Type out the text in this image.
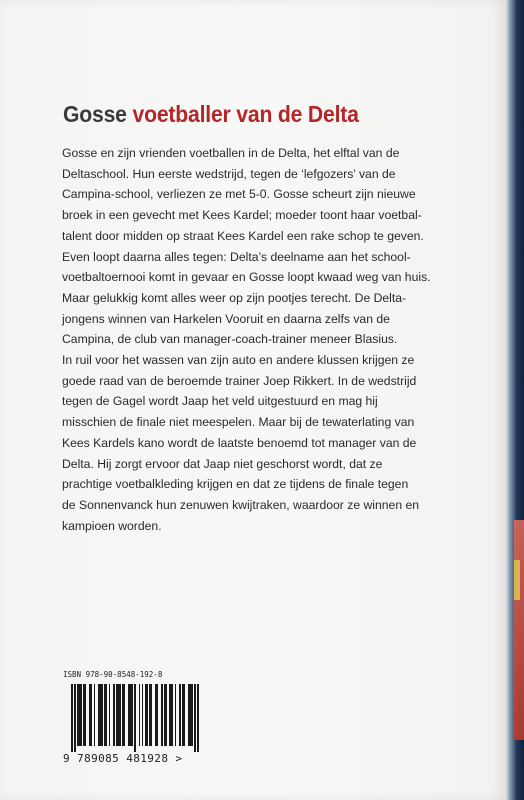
Gosse voetballer van de Delta
Gosse en zijn vrienden voetballen in de Delta, het elftal van de
Deltaschool. Hun eerste wedstrijd, tegen de ‘lefgozers’ van de
Campina-school, verliezen ze met 5-0. Gosse scheurt zijn nieuwe
broek in een gevecht met Kees Kardel; moeder toont haar voetbal-
talent door midden op straat Kees Kardel een rake schop te geven.
Even loopt daarna alles tegen: Delta’s deelname aan het school-
voetbaltoernooi komt in gevaar en Gosse loopt kwaad weg van huis.
Maar gelukkig komt alles weer op zijn pootjes terecht. De Delta-
jongens winnen van Harkelen Vooruit en daarna zelfs van de
Campina, de club van manager-coach-trainer meneer Blasius.
In ruil voor het wassen van zijn auto en andere klussen krijgen ze
goede raad van de beroemde trainer Joep Rikkert. In de wedstrijd
tegen de Gagel wordt Jaap het veld uitgestuurd en mag hij
misschien de finale niet meespelen. Maar bij de tewaterlating van
Kees Kardels kano wordt de laatste benoemd tot manager van de
Delta. Hij zorgt ervoor dat Jaap niet geschorst wordt, dat ze
prachtige voetbalkleding krijgen en dat ze tijdens de finale tegen
de Sonnenvanck hun zenuwen kwijtraken, waardoor ze winnen en
kampioen worden.
ISBN 978-90-8548-192-8
9 789085 481928 >
